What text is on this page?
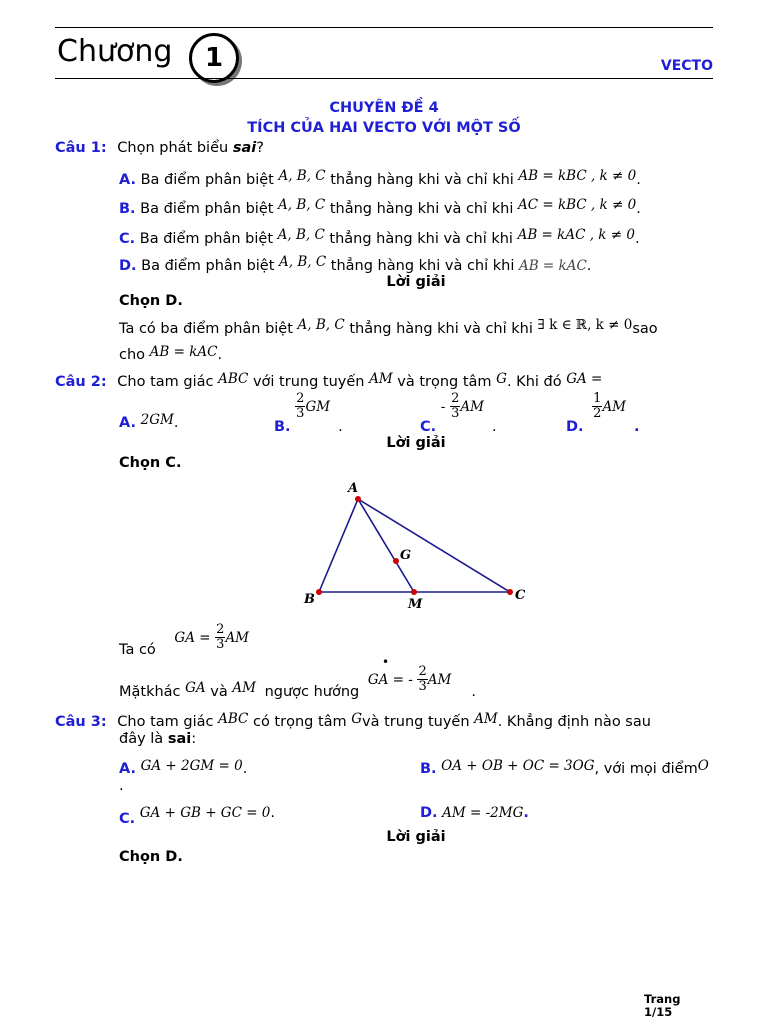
Chương	1	VECTO
CHUYÊN ĐỀ 4
TÍCH CỦA HAI VECTO VỚI MỘT SỐ
Câu 1: Chọn phát biểu sai?
A. Ba điểm phân biệt A, B, C thẳng hàng khi và chỉ khi AB = kBC , k ≠ 0.
B. Ba điểm phân biệt A, B, C thẳng hàng khi và chỉ khi AC = kBC , k ≠ 0.
C. Ba điểm phân biệt A, B, C thẳng hàng khi và chỉ khi AB = kAC , k ≠ 0.
D. Ba điểm phân biệt A, B, C thẳng hàng khi và chỉ khi AB = kAC.
Lời giải
Chọn D.
Ta có ba điểm phân biệt A, B, C thẳng hàng khi và chỉ khi ∃ k ∈ ℝ, k ≠ 0sao
cho AB = kAC.
Câu 2: Cho tam giác ABC với trung tuyến AM và trọng tâm G. Khi đó GA =
A. 2GM.	B.
$\frac{2}{3}$ GM.	C. - $\frac{2}{3}$ AM.	D.
$\frac{1}{2}$ AM.
Lời giải
Chọn C.
A
B	C
G
M
Ta có GA = $\frac{2}{3}$ AM
•
Mặtkhác GA và AM ngược hướng GA = - $\frac{2}{3}$ AM.
Câu 3: Cho tam giác ABC có trọng tâm Gvà trung tuyến AM. Khẳng định nào sau
đây là sai:
A. GA + 2GM = 0.	B. OA + OB + OC = 3OG, với mọi điểmO
.
C. GA + GB + GC = 0.	D. AM = -2MG.
Lời giải
Chọn D.
Trang
1/15
